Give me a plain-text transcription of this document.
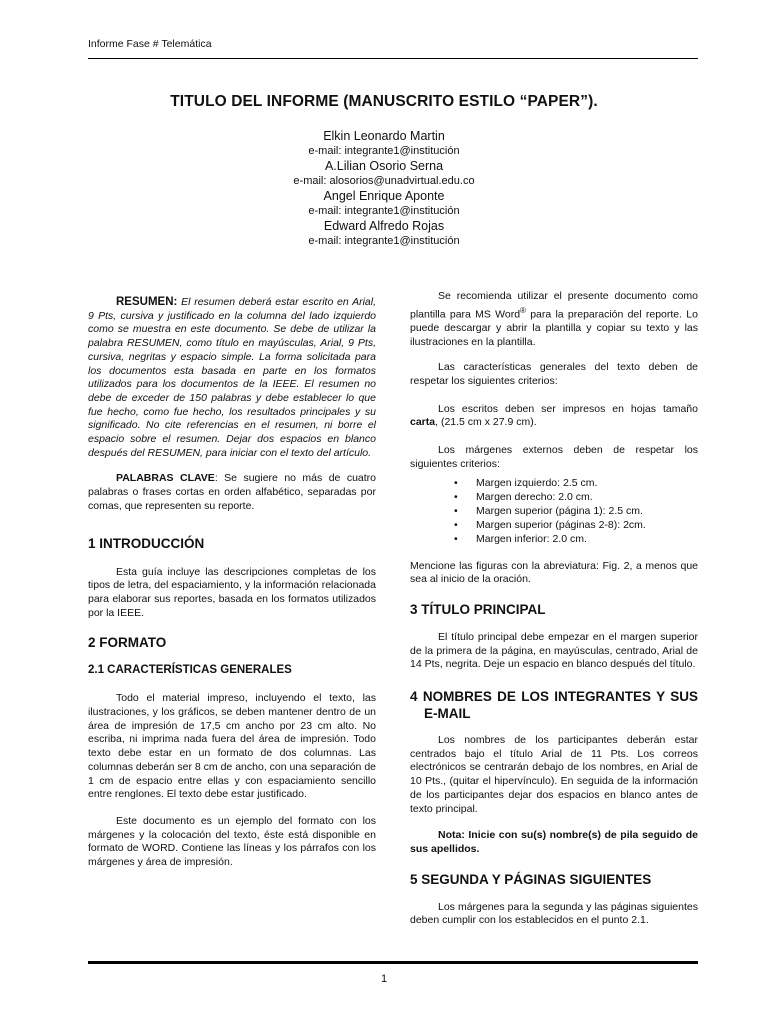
Informe Fase # Telemática
TITULO DEL INFORME (MANUSCRITO ESTILO “PAPER”).
Elkin Leonardo Martin
e-mail: integrante1@institución
A.Lilian Osorio Serna
e-mail: alosorios@unadvirtual.edu.co
Angel Enrique Aponte
e-mail: integrante1@institución
Edward Alfredo Rojas
e-mail: integrante1@institución

RESUMEN: El resumen deberá estar escrito en Arial, 9 Pts, cursiva y justificado en la columna del lado izquierdo como se muestra en este documento. Se debe de utilizar la palabra RESUMEN, como título en mayúsculas, Arial, 9 Pts, cursiva, negritas y espacio simple. La forma solicitada para los documentos esta basada en parte en los formatos utilizados para los documentos de la IEEE. El resumen no debe de exceder de 150 palabras y debe establecer lo que fue hecho, como fue hecho, los resultados principales y su significado. No cite referencias en el resumen, ni borre el espacio sobre el resumen. Dejar dos espacios en blanco después del RESUMEN, para iniciar con el texto del artículo.

PALABRAS CLAVE: Se sugiere no más de cuatro palabras o frases cortas en orden alfabético, separadas por comas, que representen su reporte.

1 INTRODUCCIÓN

Esta guía incluye las descripciones completas de los tipos de letra, del espaciamiento, y la información relacionada para elaborar sus reportes, basada en los formatos utilizados por la IEEE.

2 FORMATO
2.1 CARACTERÍSTICAS GENERALES

Todo el material impreso, incluyendo el texto, las ilustraciones, y los gráficos, se deben mantener dentro de un área de impresión de 17,5 cm ancho por 23 cm alto. No escriba, ni imprima nada fuera del área de impresión. Todo texto debe estar en un formato de dos columnas. Las columnas deberán ser 8 cm de ancho, con una separación de 1 cm de espacio entre ellas y con espaciamiento sencillo entre renglones. El texto debe estar justificado.

Este documento es un ejemplo del formato con los márgenes y la colocación del texto, éste está disponible en formato de WORD. Contiene las líneas y los párrafos con los márgenes y área de impresión.

Se recomienda utilizar el presente documento como plantilla para MS Word® para la preparación del reporte. Lo puede descargar y abrir la plantilla y copiar su texto y las ilustraciones en la plantilla.

Las características generales del texto deben de respetar los siguientes criterios:

Los escritos deben ser impresos en hojas tamaño carta, (21.5 cm x 27.9 cm).

Los márgenes externos deben de respetar los siguientes criterios:

• Margen izquierdo: 2.5 cm.
• Margen derecho: 2.0 cm.
• Margen superior (página 1): 2.5 cm.
• Margen superior (páginas 2-8): 2cm.
• Margen inferior: 2.0 cm.

Mencione las figuras con la abreviatura: Fig. 2, a menos que sea al inicio de la oración.

3 TÍTULO PRINCIPAL

El título principal debe empezar en el margen superior de la primera de la página, en mayúsculas, centrado, Arial de 14 Pts, negrita. Deje un espacio en blanco después del título.

4 NOMBRES DE LOS INTEGRANTES Y SUS E-MAIL

Los nombres de los participantes deberán estar centrados bajo el título Arial de 11 Pts. Los correos electrónicos se centrarán debajo de los nombres, en Arial de 10 Pts., (quitar el hipervínculo). En seguida de la información de los participantes dejar dos espacios en blanco antes de texto principal.

Nota: Inicie con su(s) nombre(s) de pila seguido de sus apellidos.

5 SEGUNDA Y PÁGINAS SIGUIENTES

Los márgenes para la segunda y las páginas siguientes deben cumplir con los establecidos en el punto 2.1.

1
